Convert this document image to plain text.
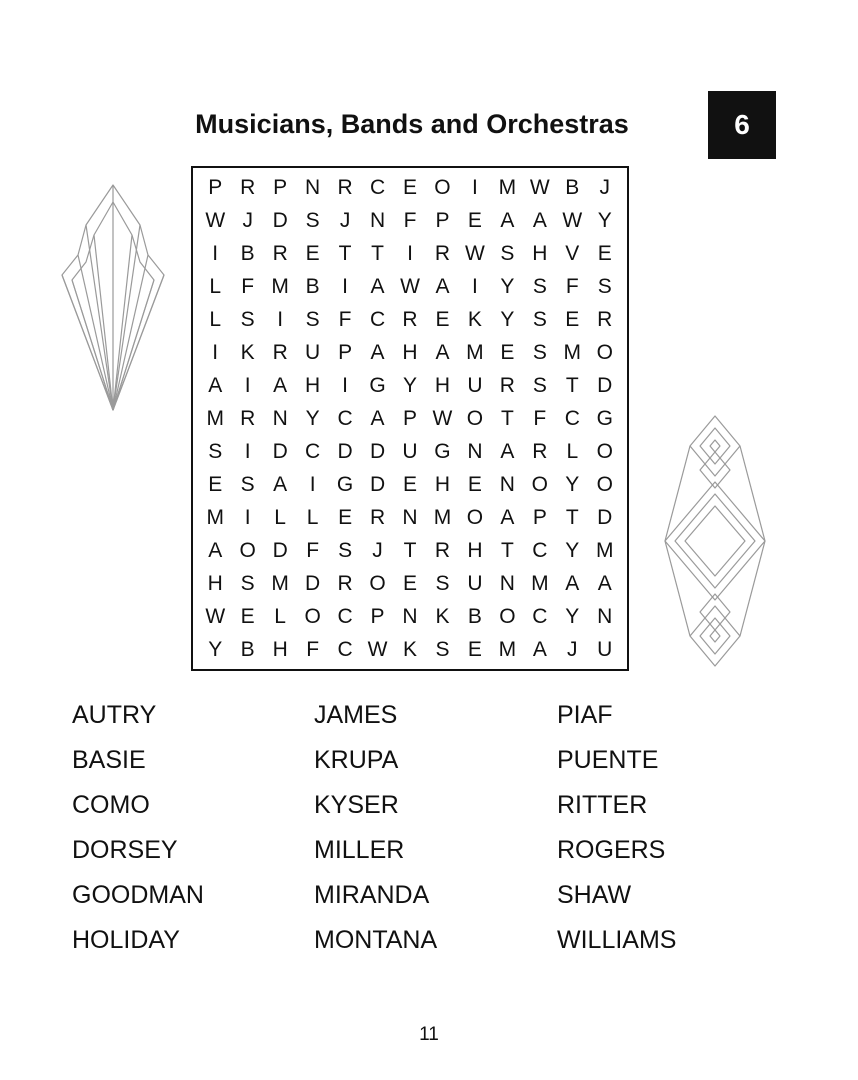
Musicians, Bands and Orchestras	6
P R P N R C E O	I M W B J
W J D S J N F P E A A W Y
I	B R E T T	I	R W S H V E
L F M B	I	A W A	I	Y S F S
L S	I	S F C R E K Y S E R
I	K R U P A H A M E S M O
A	I	A H	I	G Y H U R S T D
M R N Y C A P W O T F C G
S	I	D C D D U G N A R L O
E S A	I	G D E H E N O Y O
M I	L L E R N M O A P T D
A O D F S J T R H T C Y M
H S M D R O E S U N M A A
W E L O C P N K B O C Y N
Y B H F C W K S E M A J U
AUTRY
BASIE
COMO
DORSEY
GOODMAN
HOLIDAY
JAMES
KRUPA
KYSER
MILLER
MIRANDA
MONTANA
PIAF
PUENTE
RITTER
ROGERS
SHAW
WILLIAMS
11
